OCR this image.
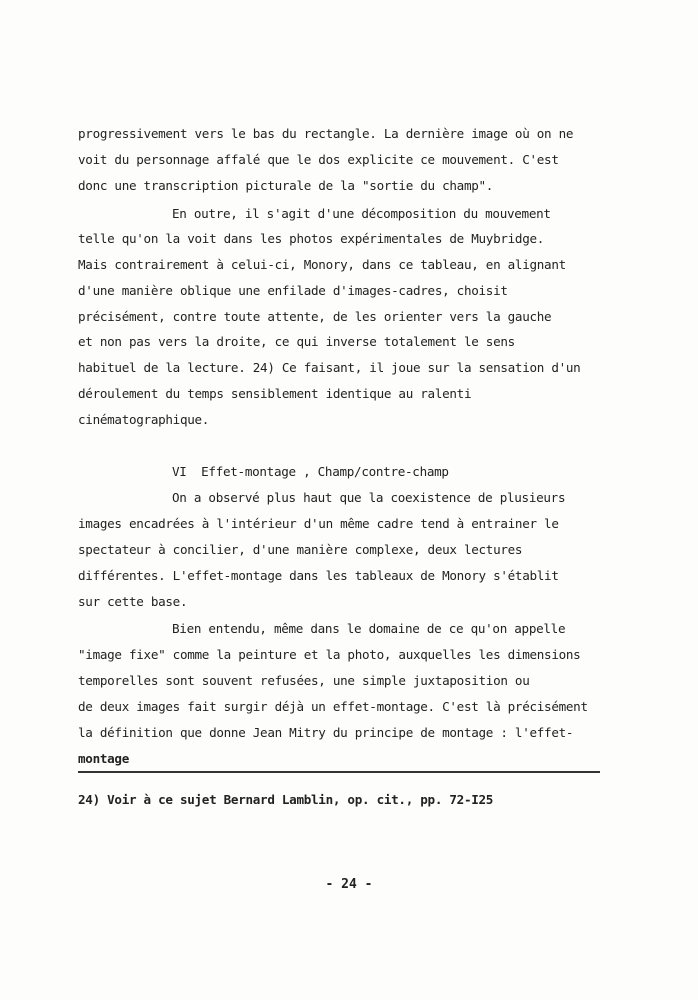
progressivement vers le bas du rectangle. La dernière image où on ne
voit du personnage affalé que le dos explicite ce mouvement. C'est
donc une transcription picturale de la "sortie du champ".
En outre, il s'agit d'une décomposition du mouvement
telle qu'on la voit dans les photos expérimentales de Muybridge.
Mais contrairement à celui-ci, Monory, dans ce tableau, en alignant
d'une manière oblique une enfilade d'images-cadres, choisit
précisément, contre toute attente, de les orienter vers la gauche
et non pas vers la droite, ce qui inverse totalement le sens
habituel de la lecture. 24) Ce faisant, il joue sur la sensation d'un
déroulement du temps sensiblement identique au ralenti
cinématographique.
VI  Effet-montage , Champ/contre-champ
On a observé plus haut que la coexistence de plusieurs
images encadrées à l'intérieur d'un même cadre tend à entrainer le
spectateur à concilier, d'une manière complexe, deux lectures
différentes. L'effet-montage dans les tableaux de Monory s'établit
sur cette base.
Bien entendu, même dans le domaine de ce qu'on appelle
"image fixe" comme la peinture et la photo, auxquelles les dimensions
temporelles sont souvent refusées, une simple juxtaposition ou
de deux images fait surgir déjà un effet-montage. C'est là précisément
la définition que donne Jean Mitry du principe de montage : l'effet-
montage
24) Voir à ce sujet Bernard Lamblin, op. cit., pp. 72-I25
- 24 -
